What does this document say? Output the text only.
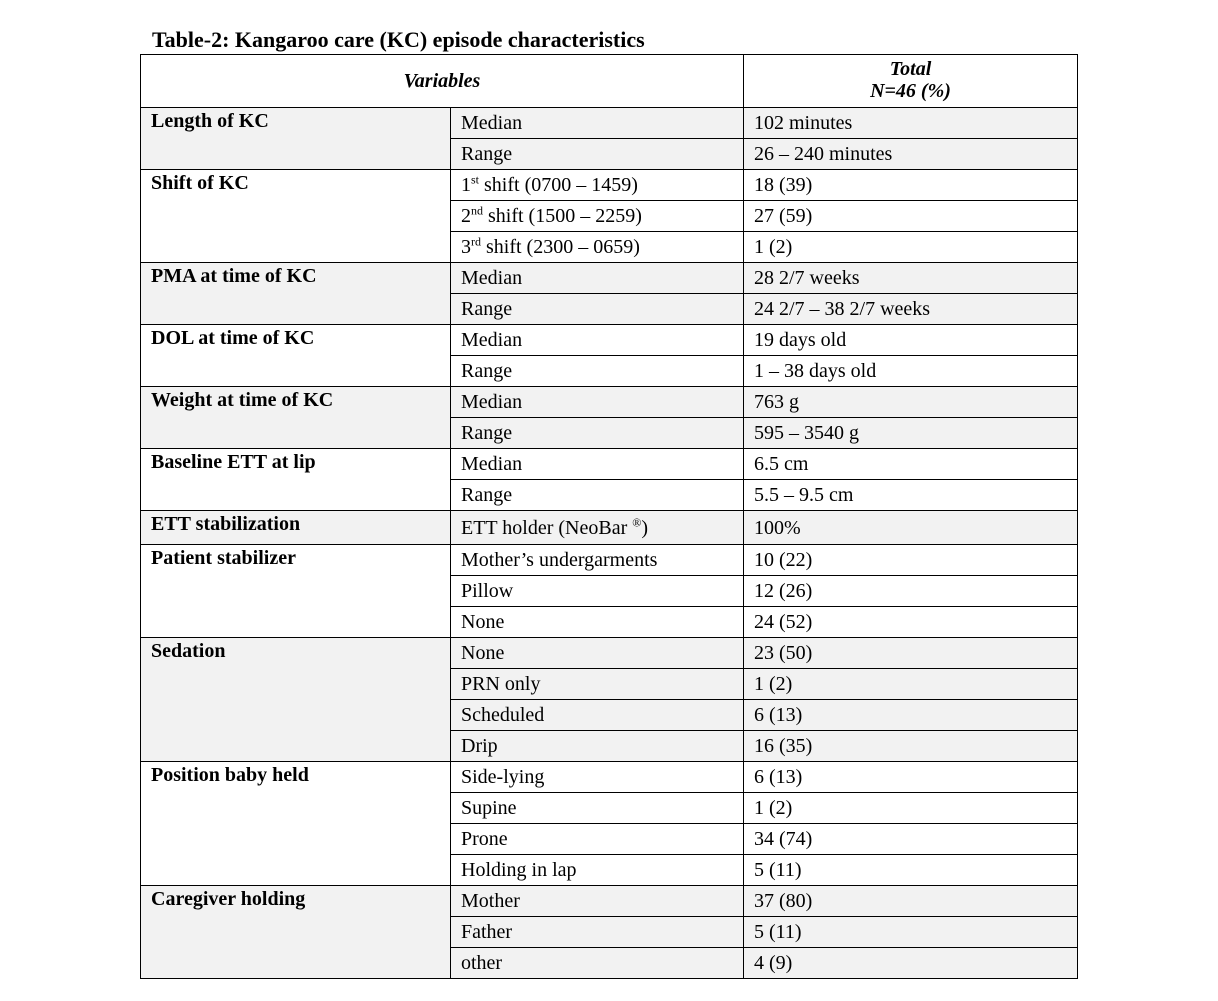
Table-2: Kangaroo care (KC) episode characteristics
Variables		Total
N=46 (%)
Length of KC	Median	102 minutes
	Range	26 – 240 minutes
Shift of KC	1st shift (0700 – 1459)	18 (39)
	2nd shift (1500 – 2259)	27 (59)
	3rd shift (2300 – 0659)	1 (2)
PMA at time of KC	Median	28 2/7 weeks
	Range	24 2/7 – 38 2/7 weeks
DOL at time of KC	Median	19 days old
	Range	1 – 38 days old
Weight at time of KC	Median	763 g
	Range	595 – 3540 g
Baseline ETT at lip	Median	6.5 cm
	Range	5.5 – 9.5 cm
ETT stabilization	ETT holder (NeoBar ®)	100%
Patient stabilizer	Mother’s undergarments	10 (22)
	Pillow	12 (26)
	None	24 (52)
Sedation	None	23 (50)
	PRN only	1 (2)
	Scheduled	6 (13)
	Drip	16 (35)
Position baby held	Side-lying	6 (13)
	Supine	1 (2)
	Prone	34 (74)
	Holding in lap	5 (11)
Caregiver holding	Mother	37 (80)
	Father	5 (11)
	other	4 (9)
